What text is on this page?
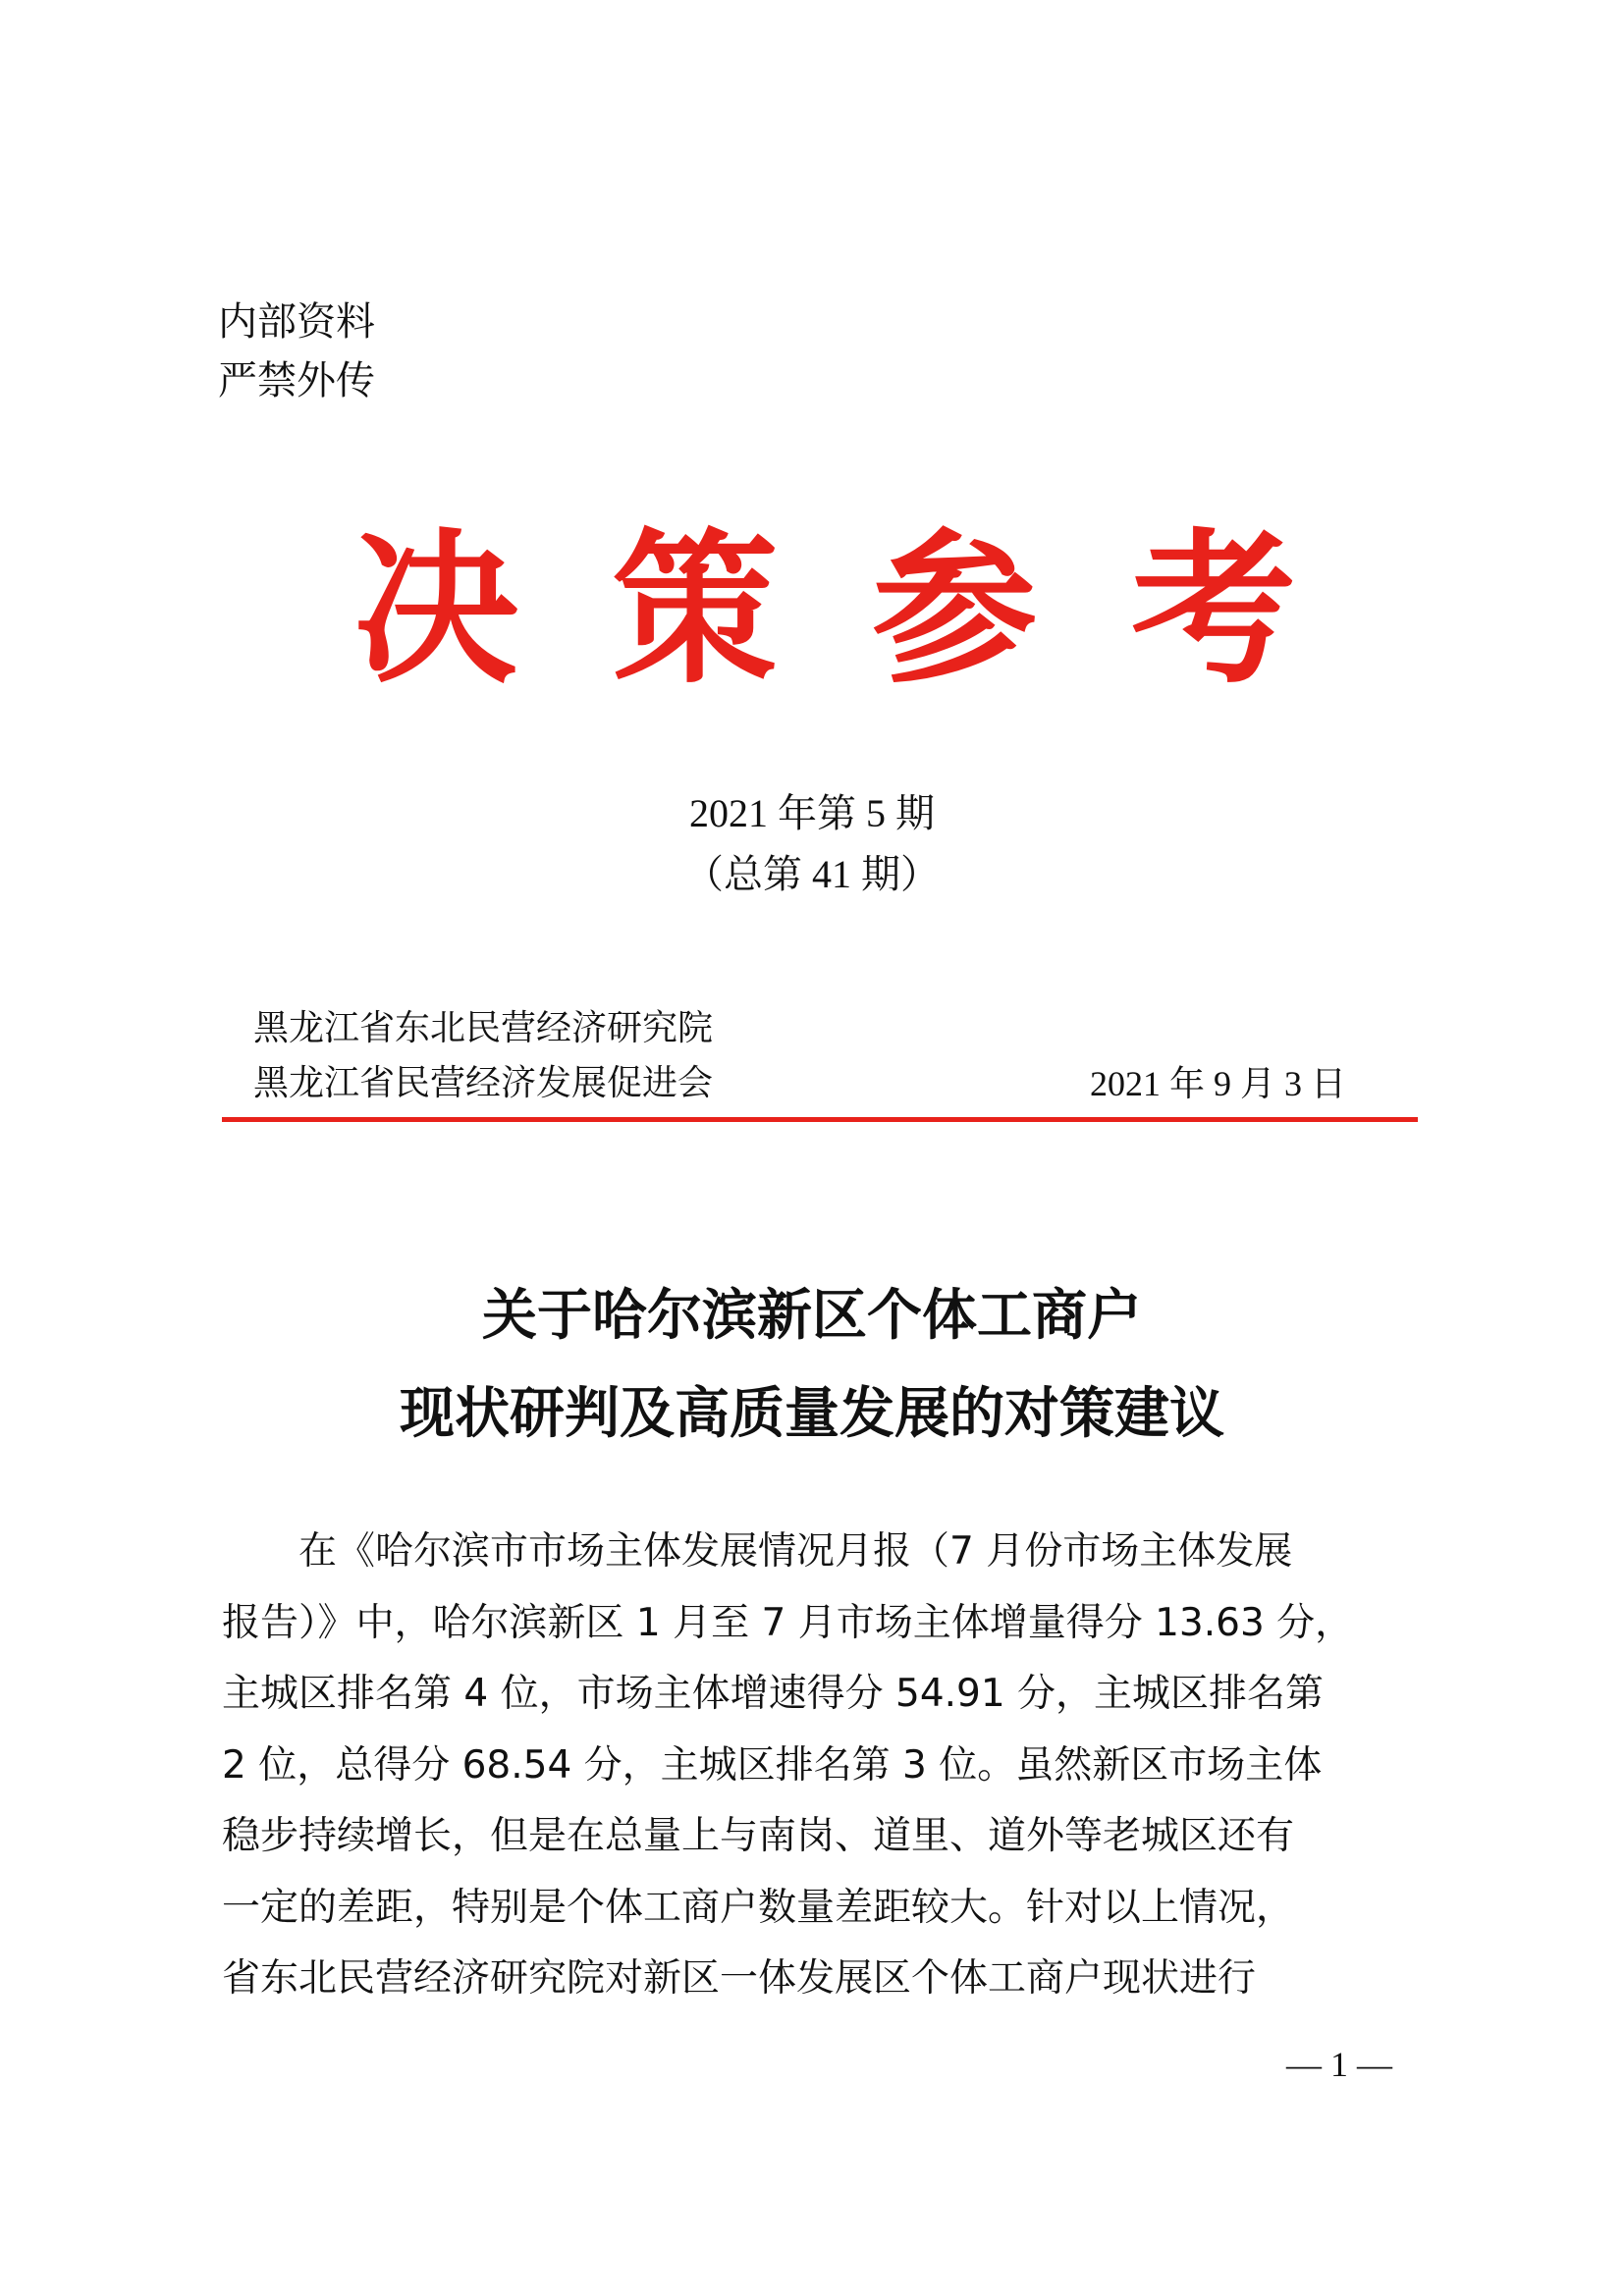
内部资料
严禁外传
决 策 参 考
2021 年第 5 期
（总第 41 期）
黑龙江省东北民营经济研究院
黑龙江省民营经济发展促进会	2021 年 9 月 3 日
关于哈尔滨新区个体工商户
现状研判及高质量发展的对策建议
　　在《哈尔滨市市场主体发展情况月报（7 月份市场主体发展
报告）》中，哈尔滨新区 1 月至 7 月市场主体增量得分 13.63 分，
主城区排名第 4 位，市场主体增速得分 54.91 分，主城区排名第
2 位，总得分 68.54 分，主城区排名第 3 位。虽然新区市场主体
稳步持续增长，但是在总量上与南岗、道里、道外等老城区还有
一定的差距，特别是个体工商户数量差距较大。针对以上情况，
省东北民营经济研究院对新区一体发展区个体工商户现状进行
— 1 —
